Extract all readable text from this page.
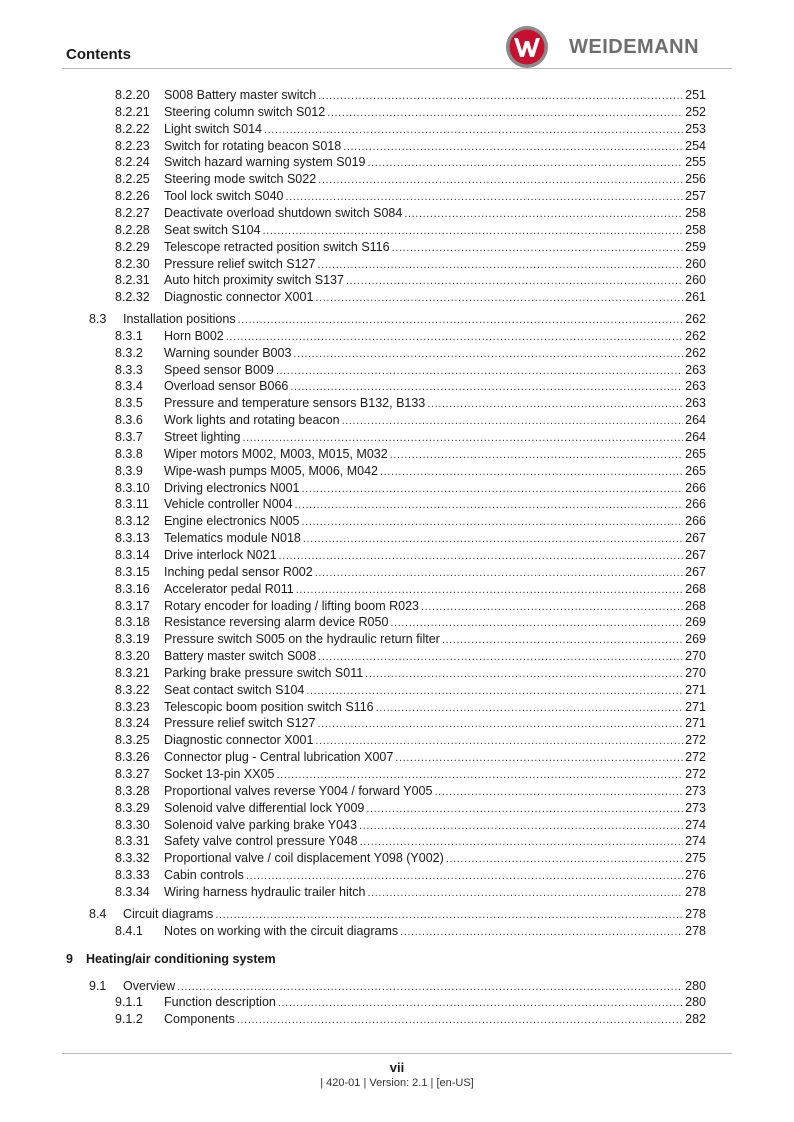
Contents	WEIDEMANN
8.2.20 S008 Battery master switch .....	251
8.2.21 Steering column switch S012 .....	252
8.2.22 Light switch S014 .....	253
8.2.23 Switch for rotating beacon S018 .....	254
8.2.24 Switch hazard warning system S019 .....	255
8.2.25 Steering mode switch S022 .....	256
8.2.26 Tool lock switch S040 .....	257
8.2.27 Deactivate overload shutdown switch S084 .....	258
8.2.28 Seat switch S104 .....	258
8.2.29 Telescope retracted position switch S116 .....	259
8.2.30 Pressure relief switch S127 .....	260
8.2.31 Auto hitch proximity switch S137 .....	260
8.2.32 Diagnostic connector X001 .....	261
8.3 Installation positions .....	262
8.3.1 Horn B002 .....	262
8.3.2 Warning sounder B003 .....	262
8.3.3 Speed sensor B009 .....	263
8.3.4 Overload sensor B066 .....	263
8.3.5 Pressure and temperature sensors B132, B133 .....	263
8.3.6 Work lights and rotating beacon .....	264
8.3.7 Street lighting .....	264
8.3.8 Wiper motors M002, M003, M015, M032 .....	265
8.3.9 Wipe-wash pumps M005, M006, M042 .....	265
8.3.10 Driving electronics N001 .....	266
8.3.11 Vehicle controller N004 .....	266
8.3.12 Engine electronics N005 .....	266
8.3.13 Telematics module N018 .....	267
8.3.14 Drive interlock N021 .....	267
8.3.15 Inching pedal sensor R002 .....	267
8.3.16 Accelerator pedal R011 .....	268
8.3.17 Rotary encoder for loading / lifting boom R023 .....	268
8.3.18 Resistance reversing alarm device R050 .....	269
8.3.19 Pressure switch S005 on the hydraulic return filter .....	269
8.3.20 Battery master switch S008 .....	270
8.3.21 Parking brake pressure switch S011 .....	270
8.3.22 Seat contact switch S104 .....	271
8.3.23 Telescopic boom position switch S116 .....	271
8.3.24 Pressure relief switch S127 .....	271
8.3.25 Diagnostic connector X001 .....	272
8.3.26 Connector plug - Central lubrication X007 .....	272
8.3.27 Socket 13-pin XX05 .....	272
8.3.28 Proportional valves reverse Y004 / forward Y005 .....	273
8.3.29 Solenoid valve differential lock Y009 .....	273
8.3.30 Solenoid valve parking brake Y043 .....	274
8.3.31 Safety valve control pressure Y048 .....	274
8.3.32 Proportional valve / coil displacement Y098 (Y002) .....	275
8.3.33 Cabin controls .....	276
8.3.34 Wiring harness hydraulic trailer hitch .....	278
8.4 Circuit diagrams .....	278
8.4.1 Notes on working with the circuit diagrams .....	278
9 Heating/air conditioning system
9.1 Overview .....	280
9.1.1 Function description .....	280
9.1.2 Components .....	282
vii
| 420-01 | Version: 2.1 | [en-US]
